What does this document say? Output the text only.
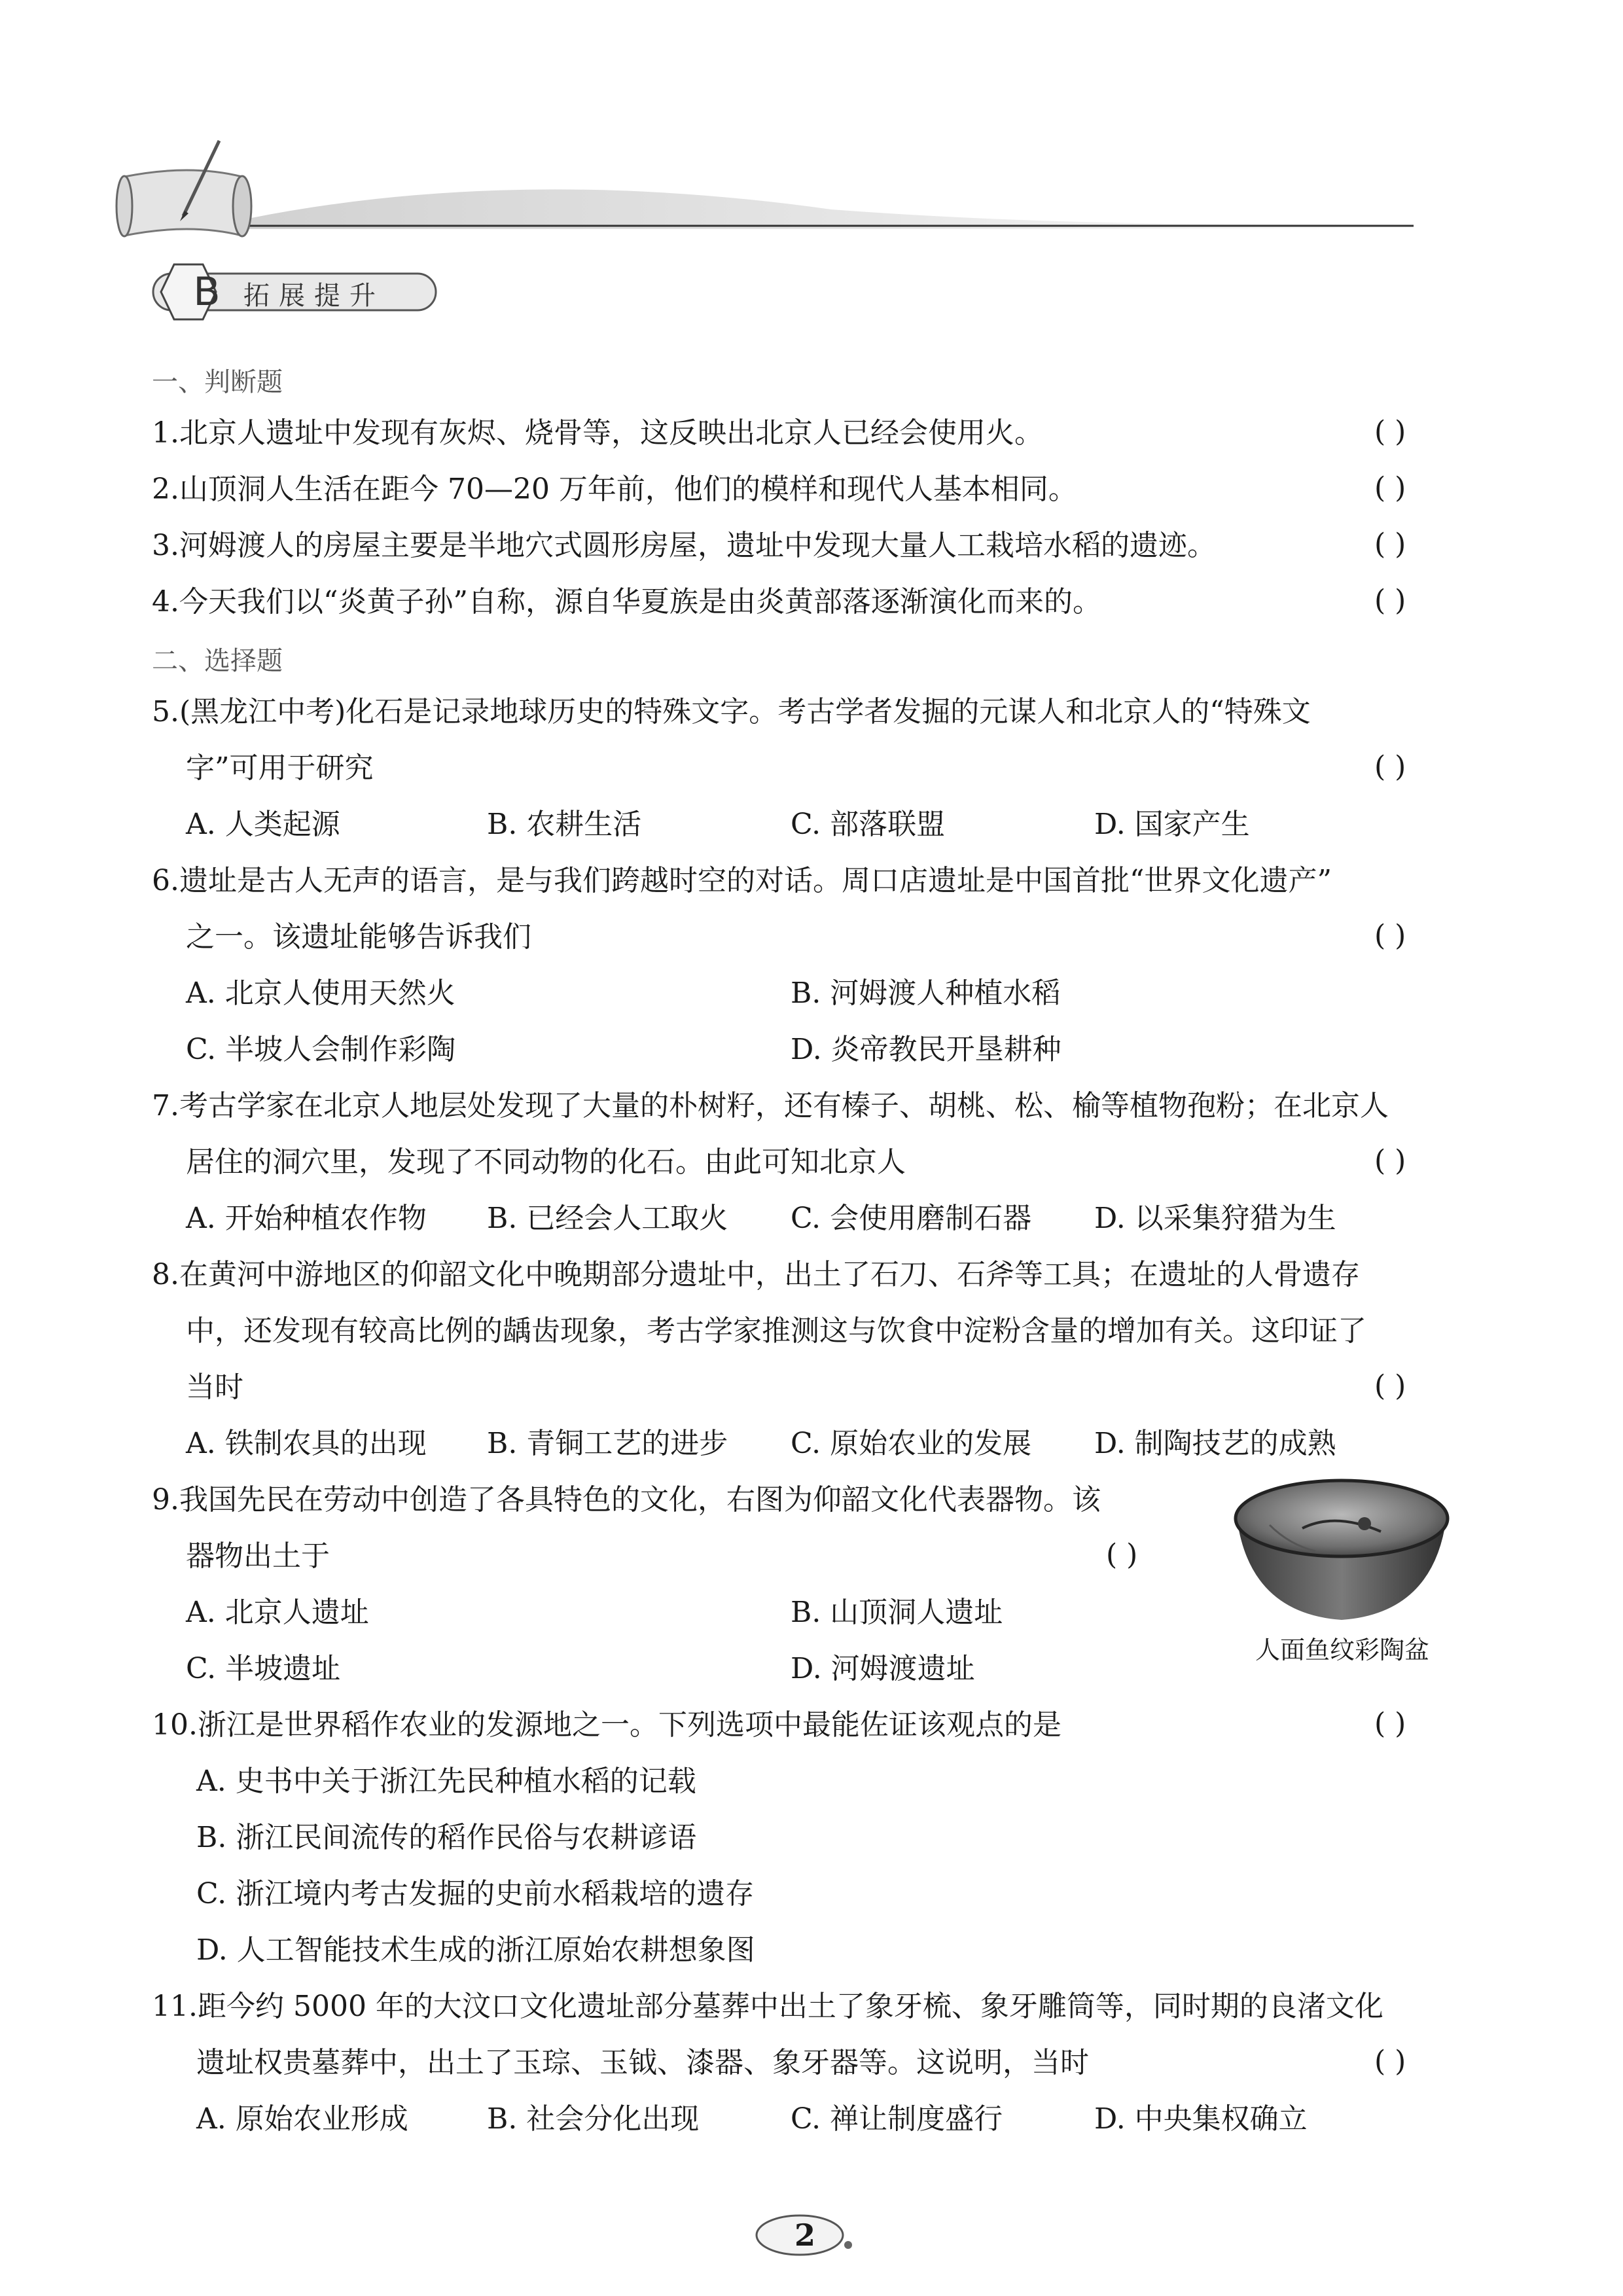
B 拓展提升
一、判断题
1.北京人遗址中发现有灰烬、烧骨等，这反映出北京人已经会使用火。	( )
2.山顶洞人生活在距今 70—20 万年前，他们的模样和现代人基本相同。	( )
3.河姆渡人的房屋主要是半地穴式圆形房屋，遗址中发现大量人工栽培水稻的遗迹。	( )
4.今天我们以“炎黄子孙”自称，源自华夏族是由炎黄部落逐渐演化而来的。	( )
二、选择题
5.(黑龙江中考)化石是记录地球历史的特殊文字。考古学者发掘的元谋人和北京人的“特殊文
字”可用于研究	( )
A. 人类起源	B. 农耕生活	C. 部落联盟	D. 国家产生
6.遗址是古人无声的语言，是与我们跨越时空的对话。周口店遗址是中国首批“世界文化遗产”
之一。该遗址能够告诉我们	( )
A. 北京人使用天然火	B. 河姆渡人种植水稻
C. 半坡人会制作彩陶	D. 炎帝教民开垦耕种
7.考古学家在北京人地层处发现了大量的朴树籽，还有榛子、胡桃、松、榆等植物孢粉；在北京人
居住的洞穴里，发现了不同动物的化石。由此可知北京人	( )
A. 开始种植农作物 B. 已经会人工取火 C. 会使用磨制石器 D. 以采集狩猎为生
8.在黄河中游地区的仰韶文化中晚期部分遗址中，出土了石刀、石斧等工具；在遗址的人骨遗存
中，还发现有较高比例的龋齿现象，考古学家推测这与饮食中淀粉含量的增加有关。这印证了
当时	( )
A. 铁制农具的出现 B. 青铜工艺的进步 C. 原始农业的发展 D. 制陶技艺的成熟
9.我国先民在劳动中创造了各具特色的文化，右图为仰韶文化代表器物。该
器物出土于	( )
A. 北京人遗址	B. 山顶洞人遗址
C. 半坡遗址	D. 河姆渡遗址
人面鱼纹彩陶盆
10.浙江是世界稻作农业的发源地之一。下列选项中最能佐证该观点的是	( )
A. 史书中关于浙江先民种植水稻的记载
B. 浙江民间流传的稻作民俗与农耕谚语
C. 浙江境内考古发掘的史前水稻栽培的遗存
D. 人工智能技术生成的浙江原始农耕想象图
11.距今约 5000 年的大汶口文化遗址部分墓葬中出土了象牙梳、象牙雕筒等，同时期的良渚文化
遗址权贵墓葬中，出土了玉琮、玉钺、漆器、象牙器等。这说明，当时	( )
A. 原始农业形成	B. 社会分化出现	C. 禅让制度盛行	D. 中央集权确立
2
